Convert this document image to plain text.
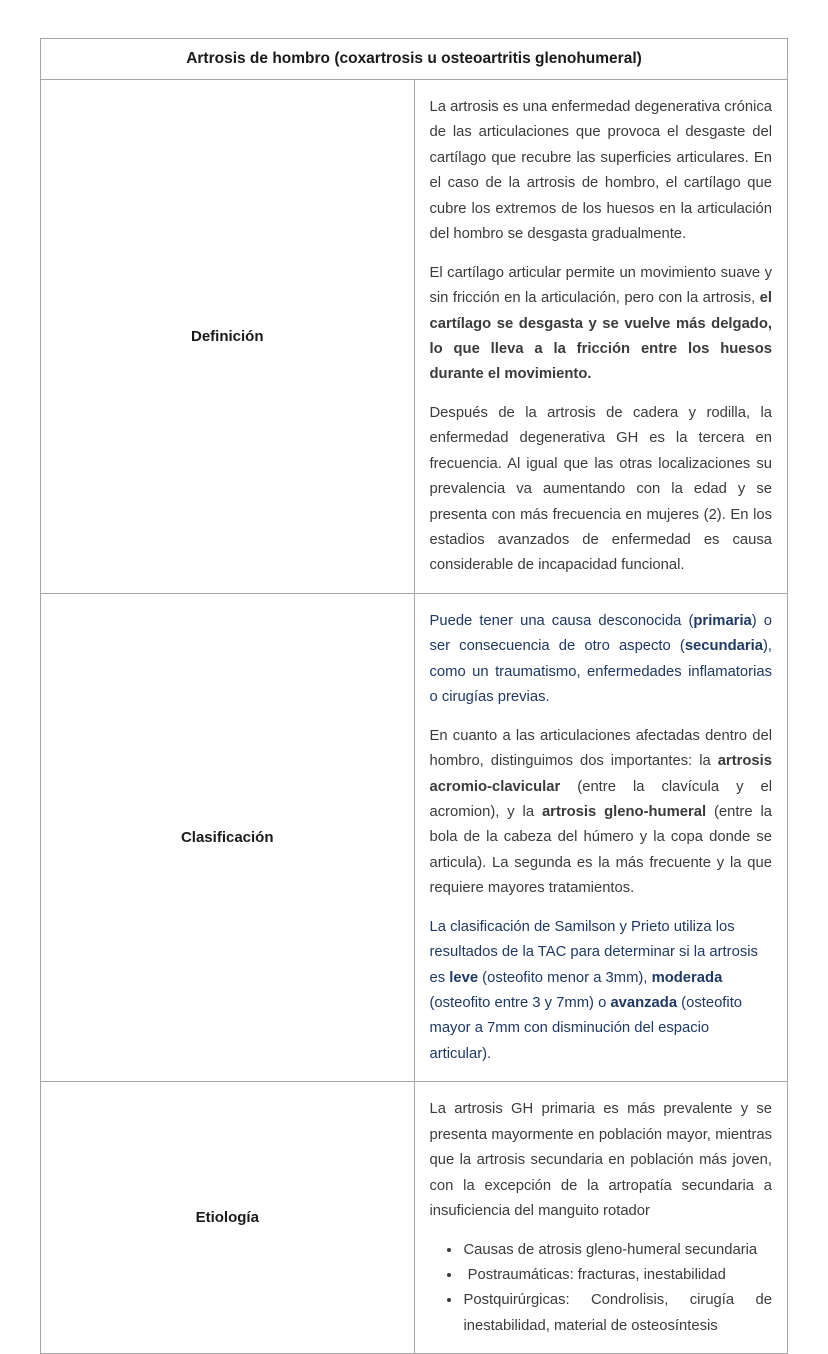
Artrosis de hombro (coxartrosis u osteoartritis glenohumeral)	
Definición	La artrosis es una enfermedad degenerativa crónica de las articulaciones que provoca el desgaste del cartílago que recubre las superficies articulares. En el caso de la artrosis de hombro, el cartílago que cubre los extremos de los huesos en la articulación del hombro se desgasta gradualmente.

El cartílago articular permite un movimiento suave y sin fricción en la articulación, pero con la artrosis, el cartílago se desgasta y se vuelve más delgado, lo que lleva a la fricción entre los huesos durante el movimiento.

Después de la artrosis de cadera y rodilla, la enfermedad degenerativa GH es la tercera en frecuencia. Al igual que las otras localizaciones su prevalencia va aumentando con la edad y se presenta con más frecuencia en mujeres (2). En los estadios avanzados de enfermedad es causa considerable de incapacidad funcional.

Clasificación	Puede tener una causa desconocida (primaria) o ser consecuencia de otro aspecto (secundaria), como un traumatismo, enfermedades inflamatorias o cirugías previas.

En cuanto a las articulaciones afectadas dentro del hombro, distinguimos dos importantes: la artrosis acromio-clavicular (entre la clavícula y el acromion), y la artrosis gleno-humeral (entre la bola de la cabeza del húmero y la copa donde se articula). La segunda es la más frecuente y la que requiere mayores tratamientos.

La clasificación de Samilson y Prieto utiliza los resultados de la TAC para determinar si la artrosis es leve (osteofito menor a 3mm), moderada (osteofito entre 3 y 7mm) o avanzada (osteofito mayor a 7mm con disminución del espacio articular).

Etiología	

La artrosis GH primaria es más prevalente y se presenta mayormente en población mayor, mientras que la artrosis secundaria en población más joven, con la excepción de la artropatía secundaria a insuficiencia del manguito rotador

• Causas de atrosis gleno-humeral secundaria
•  Postraumáticas: fracturas, inestabilidad
• Postquirúrgicas: Condrolisis, cirugía de inestabilidad, material de osteosíntesis
